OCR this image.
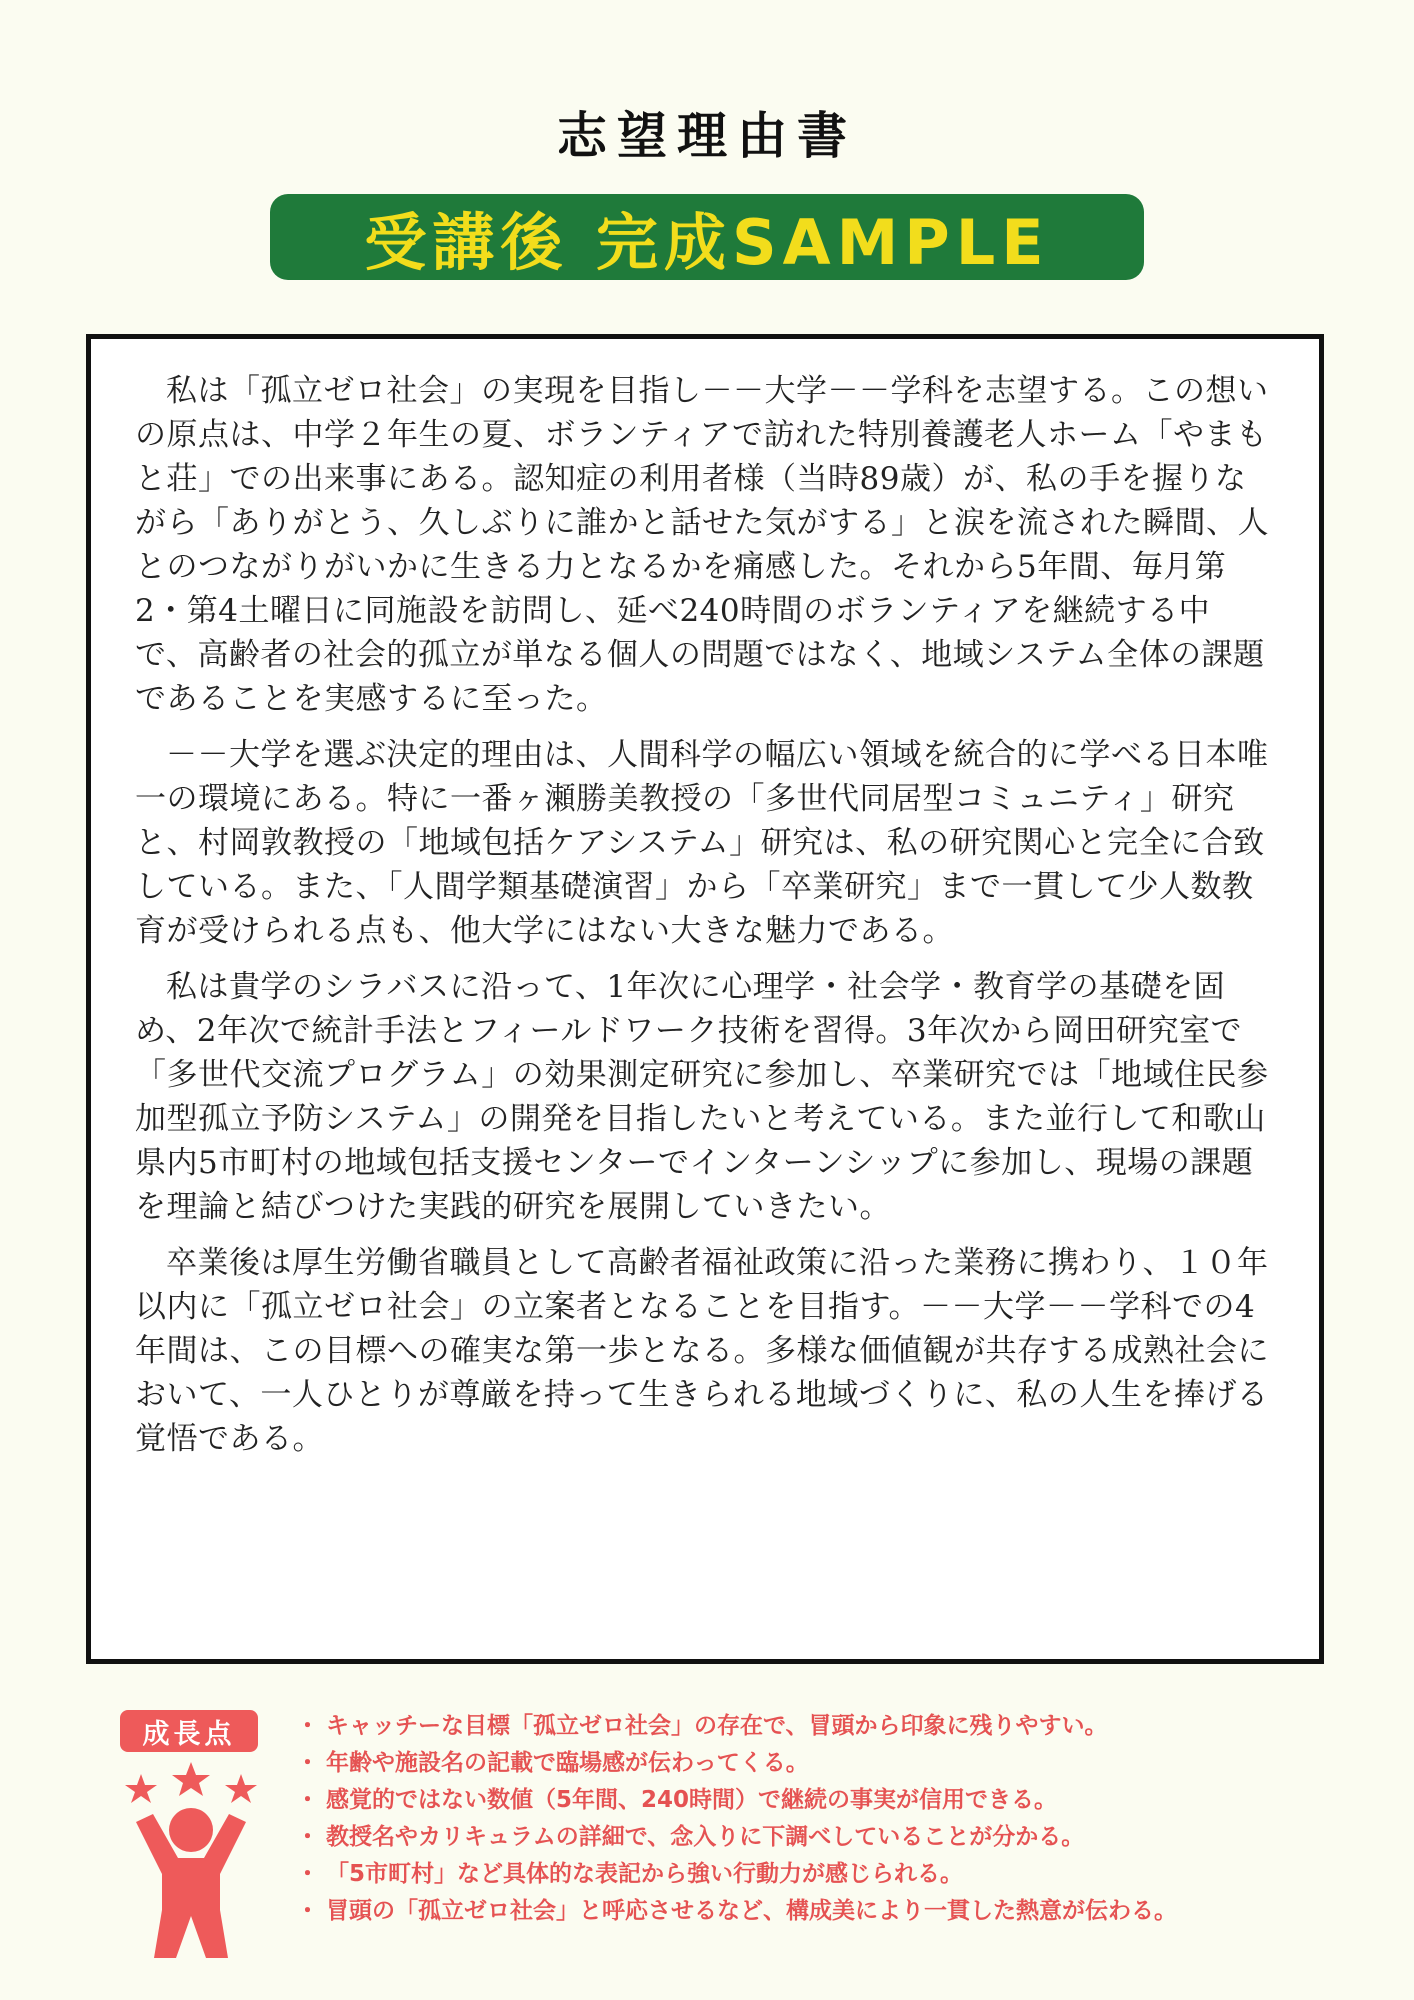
志望理由書
受講後 完成SAMPLE

私は「孤立ゼロ社会」の実現を目指し－－大学－－学科を志望する。この想いの原点は、中学２年生の夏、ボランティアで訪れた特別養護老人ホーム「やまもと荘」での出来事にある。認知症の利用者様（当時89歳）が、私の手を握りながら「ありがとう、久しぶりに誰かと話せた気がする」と涙を流された瞬間、人とのつながりがいかに生きる力となるかを痛感した。それから5年間、毎月第2・第4土曜日に同施設を訪問し、延べ240時間のボランティアを継続する中で、高齢者の社会的孤立が単なる個人の問題ではなく、地域システム全体の課題であることを実感するに至った。

－－大学を選ぶ決定的理由は、人間科学の幅広い領域を統合的に学べる日本唯一の環境にある。特に一番ヶ瀬勝美教授の「多世代同居型コミュニティ」研究と、村岡敦教授の「地域包括ケアシステム」研究は、私の研究関心と完全に合致している。また、「人間学類基礎演習」から「卒業研究」まで一貫して少人数教育が受けられる点も、他大学にはない大きな魅力である。

私は貴学のシラバスに沿って、1年次に心理学・社会学・教育学の基礎を固め、2年次で統計手法とフィールドワーク技術を習得。3年次から岡田研究室で「多世代交流プログラム」の効果測定研究に参加し、卒業研究では「地域住民参加型孤立予防システム」の開発を目指したいと考えている。また並行して和歌山県内5市町村の地域包括支援センターでインターンシップに参加し、現場の課題を理論と結びつけた実践的研究を展開していきたい。

卒業後は厚生労働省職員として高齢者福祉政策に沿った業務に携わり、１０年以内に「孤立ゼロ社会」の立案者となることを目指す。－－大学－－学科での4年間は、この目標への確実な第一歩となる。多様な価値観が共存する成熟社会において、一人ひとりが尊厳を持って生きられる地域づくりに、私の人生を捧げる覚悟である。

成長点	・ キャッチーな目標「孤立ゼロ社会」の存在で、冒頭から印象に残りやすい。
・ 年齢や施設名の記載で臨場感が伝わってくる。
・ 感覚的ではない数値（5年間、240時間）で継続の事実が信用できる。
・ 教授名やカリキュラムの詳細で、念入りに下調べしていることが分かる。
・ 「5市町村」など具体的な表記から強い行動力が感じられる。
・ 冒頭の「孤立ゼロ社会」と呼応させるなど、構成美により一貫した熱意が伝わる。
